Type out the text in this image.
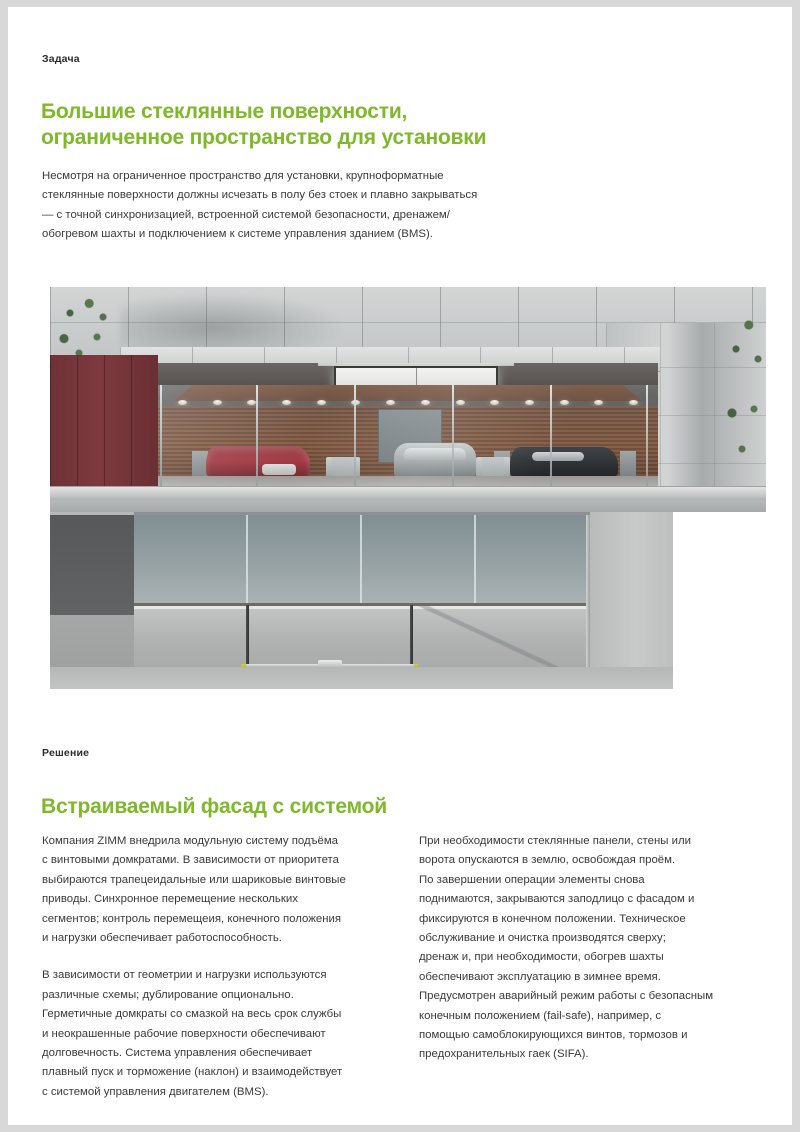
Задача
Большие стеклянные поверхности,
ограниченное пространство для установки
Несмотря на ограниченное пространство для установки, крупноформатные
стеклянные поверхности должны исчезать в полу без стоек и плавно закрываться
— с точной синхронизацией, встроенной системой безопасности, дренажем/
обогревом шахты и подключением к системе управления зданием (BMS).
Решение
Встраиваемый фасад с системой

Компания ZIMM внедрила модульную систему подъёма
с винтовыми домкратами. В зависимости от приоритета
выбираются трапецеидальные или шариковые винтовые
приводы. Синхронное перемещение нескольких
сегментов; контроль перемещеия, конечного положения
и нагрузки обеспечивает работоспособность.

В зависимости от геометрии и нагрузки используются
различные схемы; дублирование опционально.
Герметичные домкраты со смазкой на весь срок службы
и неокрашенные рабочие поверхности обеспечивают
долговечность. Система управления обеспечивает
плавный пуск и торможение (наклон) и взаимодействует
с системой управления двигателем (BMS).

При необходимости стеклянные панели, стены или
ворота опускаются в землю, освобождая проём.
По завершении операции элементы снова
поднимаются, закрываются заподлицо с фасадом и
фиксируются в конечном положении. Техническое
обслуживание и очистка производятся сверху;
дренаж и, при необходимости, обогрев шахты
обеспечивают эксплуатацию в зимнее время.
Предусмотрен аварийный режим работы с безопасным
конечным положением (fail-safe), например, с
помощью самоблокирующихся винтов, тормозов и
предохранительных гаек (SIFA).
